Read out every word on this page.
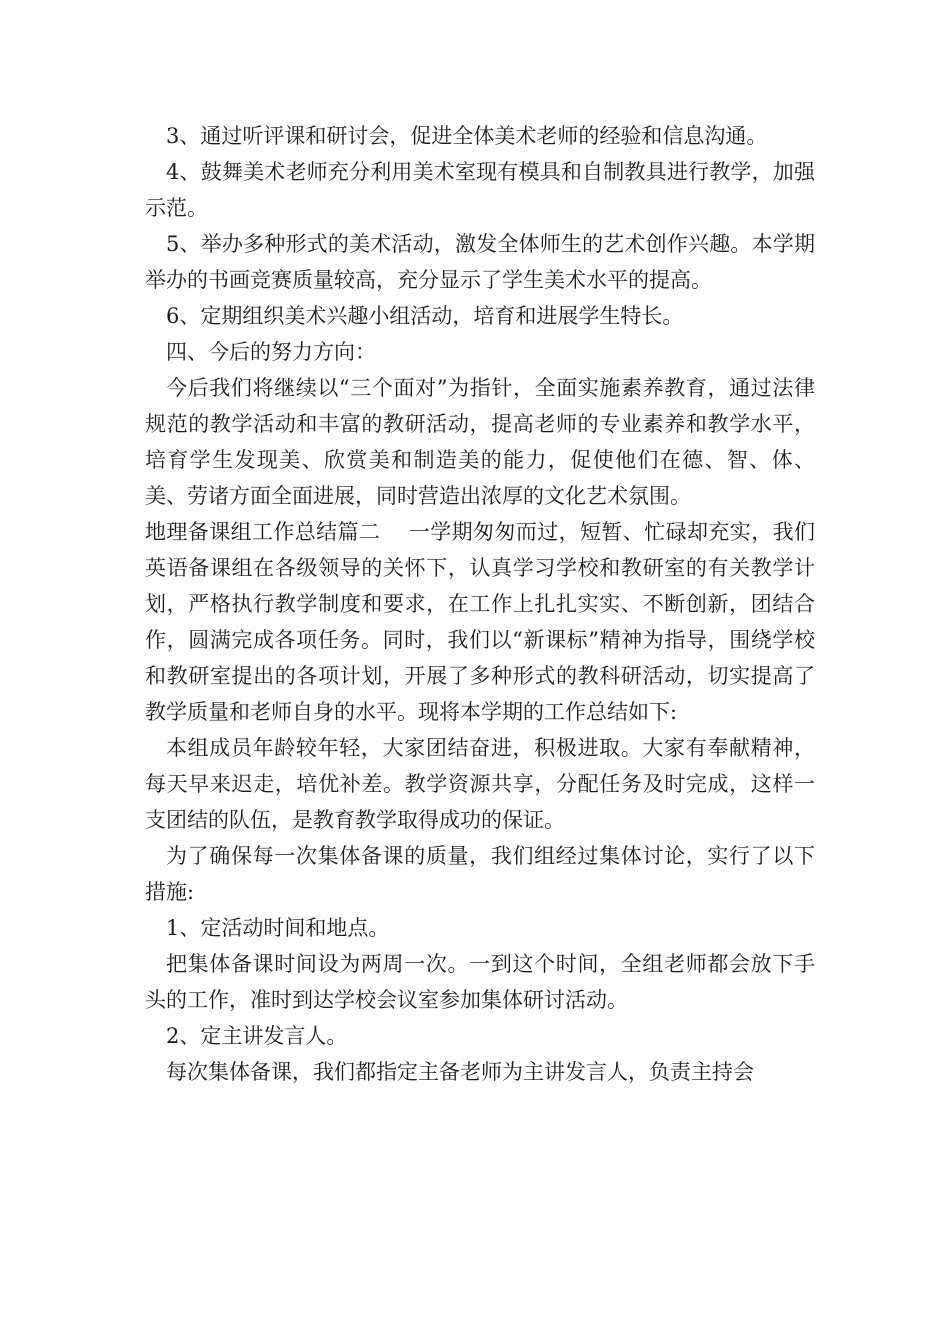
3、通过听评课和研讨会，促进全体美术老师的经验和信息沟通。

4、鼓舞美术老师充分利用美术室现有模具和自制教具进行教学，加强示范。

5、举办多种形式的美术活动，激发全体师生的艺术创作兴趣。本学期举办的书画竞赛质量较高，充分显示了学生美术水平的提高。

6、定期组织美术兴趣小组活动，培育和进展学生特长。

四、今后的努力方向：

今后我们将继续以“三个面对”为指针，全面实施素养教育，通过法律规范的教学活动和丰富的教研活动，提高老师的专业素养和教学水平，培育学生发现美、欣赏美和制造美的能力，促使他们在德、智、体、美、劳诸方面全面进展，同时营造出浓厚的文化艺术氛围。

地理备课组工作总结篇二　 一学期匆匆而过，短暂、忙碌却充实，我们英语备课组在各级领导的关怀下，认真学习学校和教研室的有关教学计划，严格执行教学制度和要求，在工作上扎扎实实、不断创新，团结合作，圆满完成各项任务。同时，我们以“新课标”精神为指导，围绕学校和教研室提出的各项计划，开展了多种形式的教科研活动，切实提高了教学质量和老师自身的水平。现将本学期的工作总结如下:

本组成员年龄较年轻，大家团结奋进，积极进取。大家有奉献精神，每天早来迟走，培优补差。教学资源共享，分配任务及时完成，这样一支团结的队伍，是教育教学取得成功的保证。

为了确保每一次集体备课的质量，我们组经过集体讨论，实行了以下措施:

1、定活动时间和地点。

把集体备课时间设为两周一次。一到这个时间，全组老师都会放下手头的工作，准时到达学校会议室参加集体研讨活动。

2、定主讲发言人。

每次集体备课，我们都指定主备老师为主讲发言人，负责主持会
